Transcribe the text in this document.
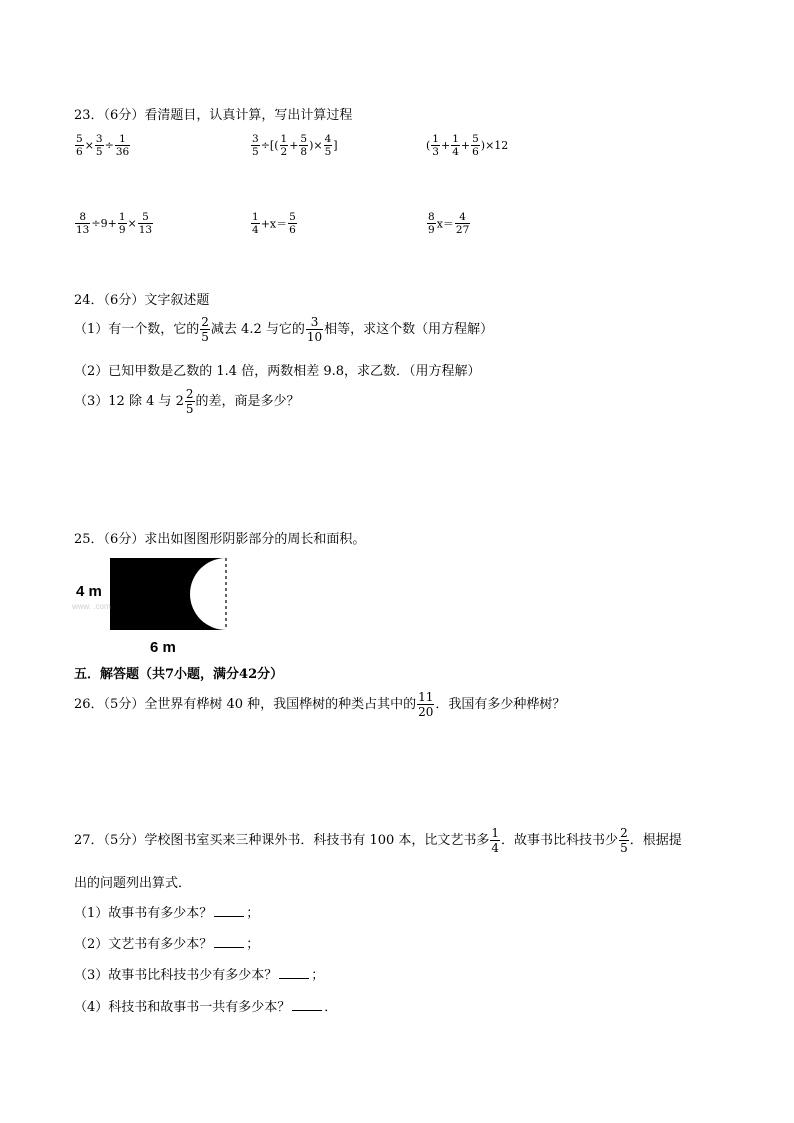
23．（6分）看清题目，认真计算，写出计算过程
$\frac{5}{6} \times \frac{3}{5} \div \frac{1}{36}$	$\frac{3}{5}$ ÷[( $\frac{1}{2} + \frac{5}{8}$ )× $\frac{4}{5}$ ]	( $\frac{1}{3} + \frac{1}{4} + \frac{5}{6} )\times 12$
$\frac{8}{13} \div 9+ \frac{1}{9} \times \frac{5}{13}$	$\frac{1}{4} +x= \frac{5}{6}$	$\frac{8}{9} x= \frac{4}{27}$
24．（6分）文字叙述题
（1）有一个数，它的 $\frac{2}{5}$ 减去 4.2 与它的 $\frac{3}{10}$ 相等，求这个数（用方程解）
（2）已知甲数是乙数的 1.4 倍，两数相差 9.8，求乙数．（用方程解）
（3）12 除 4 与 $2 \frac{2}{5}$ 的差，商是多少？
25．（6分）求出如图图形阴影部分的周长和面积。
4 m
6 m
www. .com
五．解答题（共7小题，满分42分）
26．（5分）全世界有桦树 40 种，我国桦树的种类占其中的 $\frac{11}{20}$ ．我国有多少种桦树？
27．（5分）学校图书室买来三种课外书．科技书有 100 本，比文艺书多 $\frac{1}{4}$ ．故事书比科技书少 $\frac{2}{5}$ ．根据提
出的问题列出算式．
（1）故事书有多少本？	；
（2）文艺书有多少本？	；
（3）故事书比科技书少有多少本？	；
（4）科技书和故事书一共有多少本？	．
